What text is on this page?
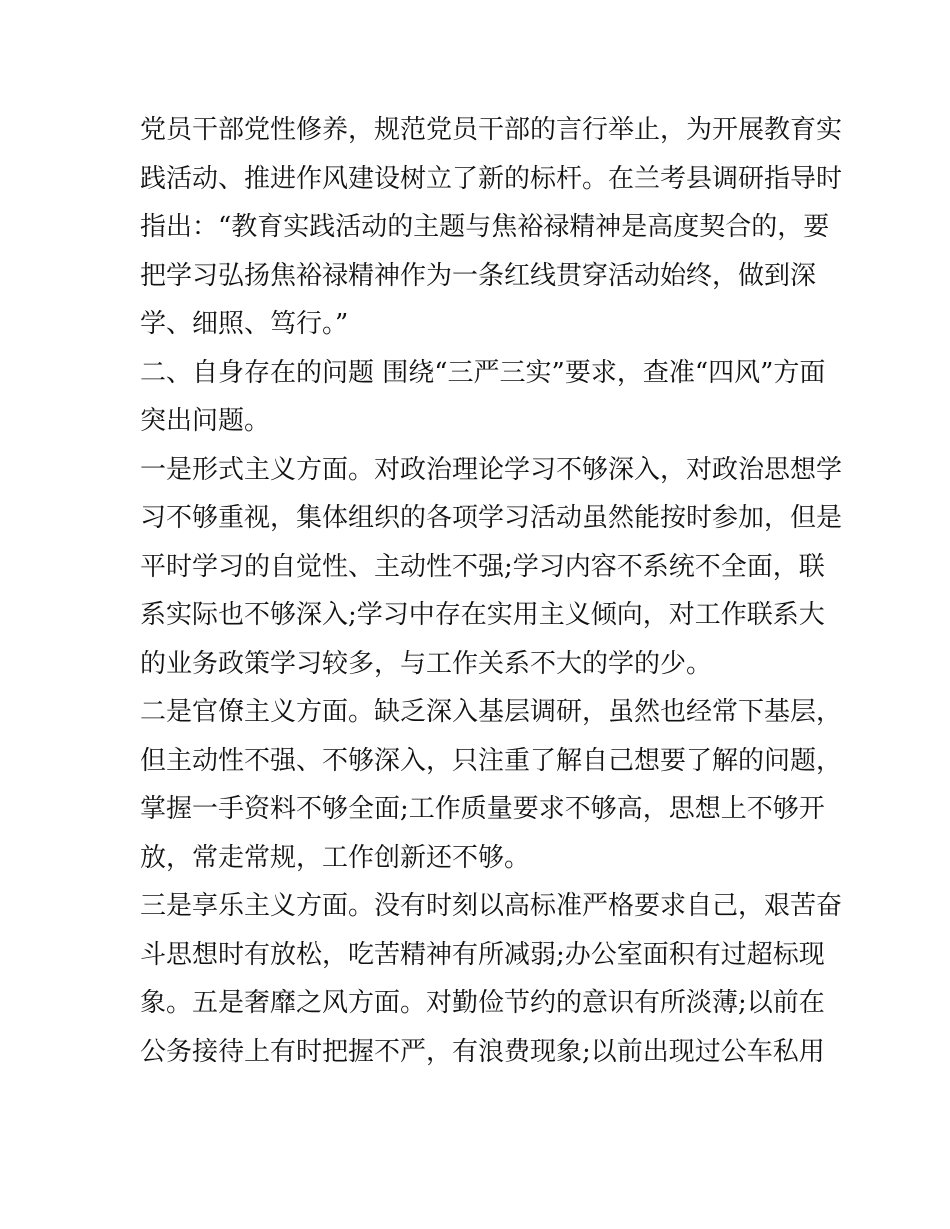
党员干部党性修养，规范党员干部的言行举止，为开展教育实
践活动、推进作风建设树立了新的标杆。在兰考县调研指导时
指出：“教育实践活动的主题与焦裕禄精神是高度契合的，要
把学习弘扬焦裕禄精神作为一条红线贯穿活动始终，做到深
学、细照、笃行。”
二、自身存在的问题 围绕“三严三实”要求，查准“四风”方面
突出问题。
一是形式主义方面。对政治理论学习不够深入，对政治思想学
习不够重视，集体组织的各项学习活动虽然能按时参加，但是
平时学习的自觉性、主动性不强;学习内容不系统不全面，联
系实际也不够深入;学习中存在实用主义倾向，对工作联系大
的业务政策学习较多，与工作关系不大的学的少。
二是官僚主义方面。缺乏深入基层调研，虽然也经常下基层，
但主动性不强、不够深入，只注重了解自己想要了解的问题，
掌握一手资料不够全面;工作质量要求不够高，思想上不够开
放，常走常规，工作创新还不够。
三是享乐主义方面。没有时刻以高标准严格要求自己，艰苦奋
斗思想时有放松，吃苦精神有所减弱;办公室面积有过超标现
象。五是奢靡之风方面。对勤俭节约的意识有所淡薄;以前在
公务接待上有时把握不严，有浪费现象;以前出现过公车私用
